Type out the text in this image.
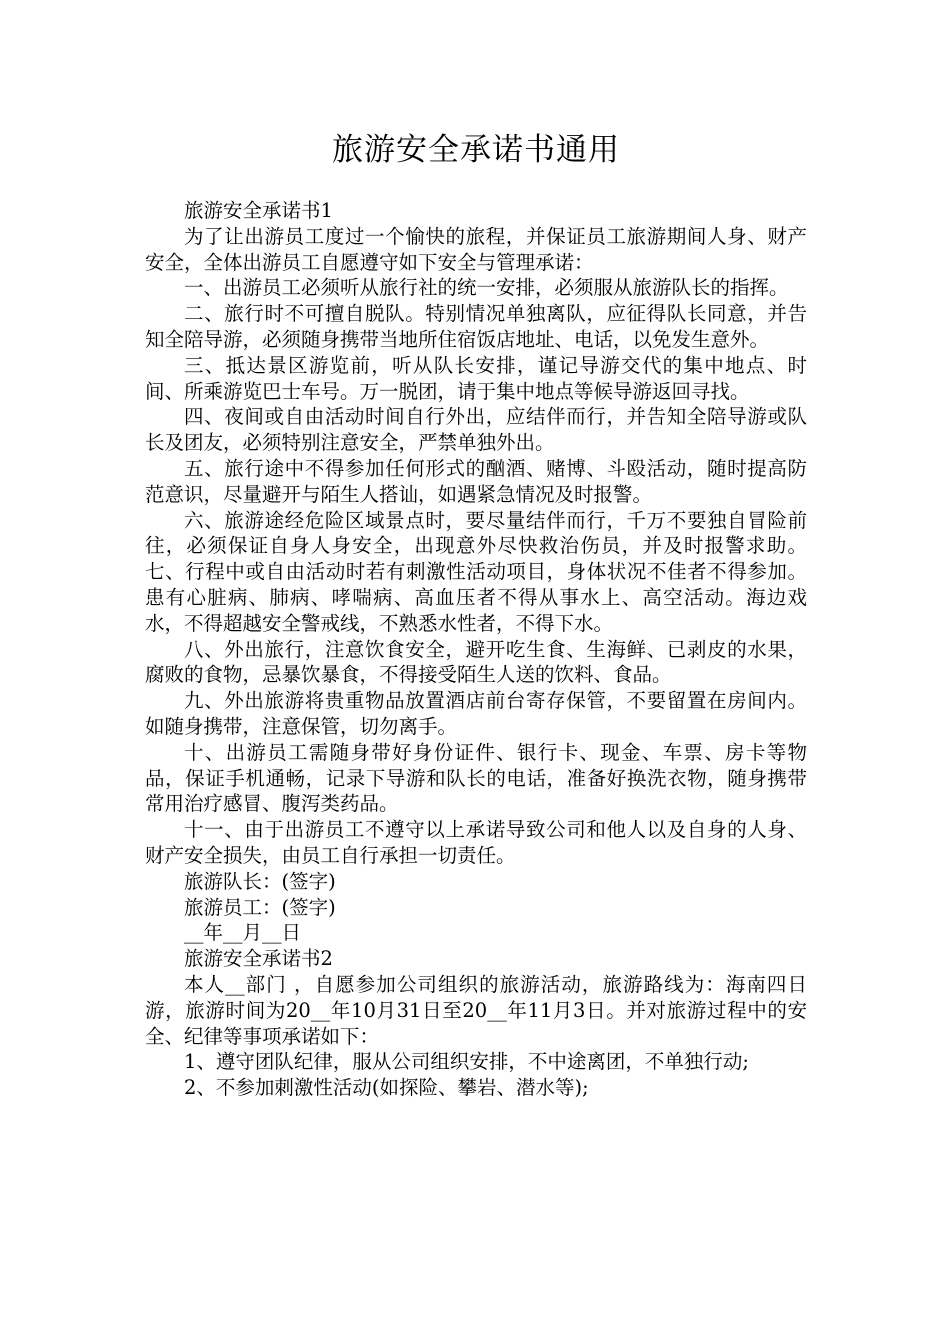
旅游安全承诺书通用

旅游安全承诺书1

为了让出游员工度过一个愉快的旅程，并保证员工旅游期间人身、财产安全，全体出游员工自愿遵守如下安全与管理承诺：

一、出游员工必须听从旅行社的统一安排，必须服从旅游队长的指挥。

二、旅行时不可擅自脱队。特别情况单独离队，应征得队长同意，并告知全陪导游，必须随身携带当地所住宿饭店地址、电话，以免发生意外。

三、抵达景区游览前，听从队长安排，谨记导游交代的集中地点、时间、所乘游览巴士车号。万一脱团，请于集中地点等候导游返回寻找。

四、夜间或自由活动时间自行外出，应结伴而行，并告知全陪导游或队长及团友，必须特别注意安全，严禁单独外出。

五、旅行途中不得参加任何形式的酗酒、赌博、斗殴活动，随时提高防范意识，尽量避开与陌生人搭讪，如遇紧急情况及时报警。

六、旅游途经危险区域景点时，要尽量结伴而行，千万不要独自冒险前往，必须保证自身人身安全，出现意外尽快救治伤员，并及时报警求助。七、行程中或自由活动时若有刺激性活动项目，身体状况不佳者不得参加。患有心脏病、肺病、哮喘病、高血压者不得从事水上、高空活动。海边戏水，不得超越安全警戒线，不熟悉水性者，不得下水。

八、外出旅行，注意饮食安全，避开吃生食、生海鲜、已剥皮的水果，腐败的食物，忌暴饮暴食，不得接受陌生人送的饮料、食品。

九、外出旅游将贵重物品放置酒店前台寄存保管，不要留置在房间内。如随身携带，注意保管，切勿离手。

十、出游员工需随身带好身份证件、银行卡、现金、车票、房卡等物品，保证手机通畅，记录下导游和队长的电话，准备好换洗衣物，随身携带常用治疗感冒、腹泻类药品。

十一、由于出游员工不遵守以上承诺导致公司和他人以及自身的人身、财产安全损失，由员工自行承担一切责任。

旅游队长：(签字)

旅游员工：(签字)

__年__月__日

旅游安全承诺书2

本人__部门 ，自愿参加公司组织的旅游活动，旅游路线为：海南四日游，旅游时间为20__年10月31日至20__年11月3日。并对旅游过程中的安全、纪律等事项承诺如下：

1、遵守团队纪律，服从公司组织安排，不中途离团，不单独行动;

2、不参加刺激性活动(如探险、攀岩、潜水等);
